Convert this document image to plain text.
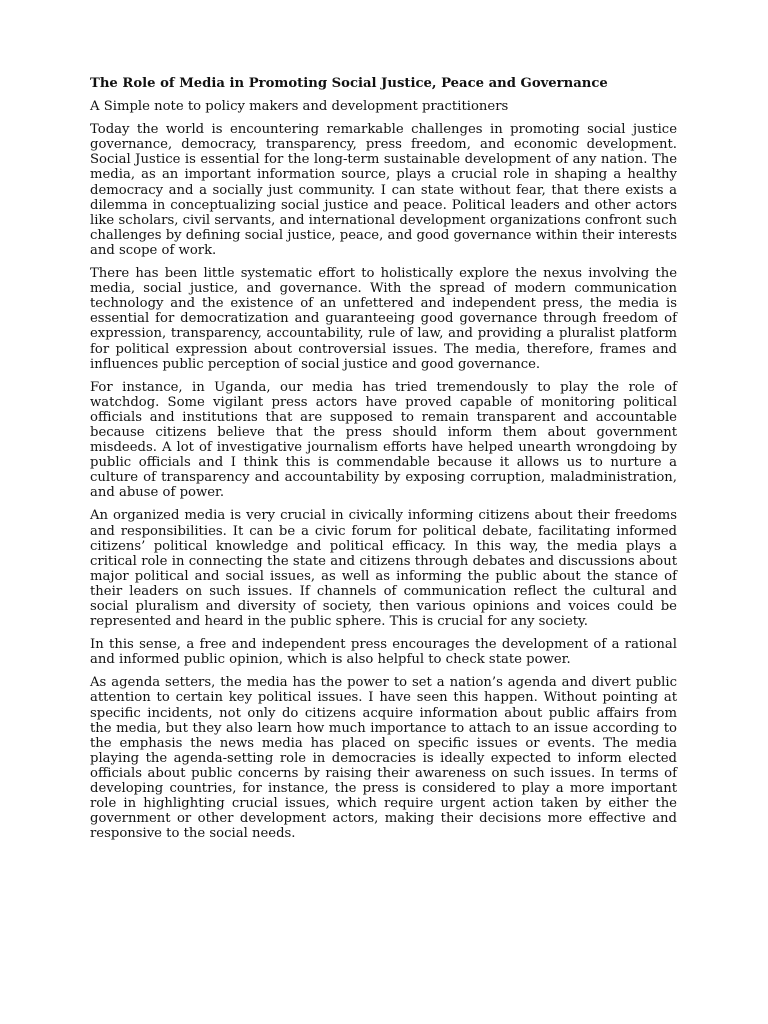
The Role of Media in Promoting Social Justice, Peace and Governance

A Simple note to policy makers and development practitioners

Today the world is encountering remarkable challenges in promoting social justice governance, democracy, transparency, press freedom, and economic development. Social Justice is essential for the long-term sustainable development of any nation. The media, as an important information source, plays a crucial role in shaping a healthy democracy and a socially just community. I can state without fear, that there exists a dilemma in conceptualizing social justice and peace. Political leaders and other actors like scholars, civil servants, and international development organizations confront such challenges by defining social justice, peace, and good governance within their interests and scope of work.

There has been little systematic effort to holistically explore the nexus involving the media, social justice, and governance. With the spread of modern communication technology and the existence of an unfettered and independent press, the media is essential for democratization and guaranteeing good governance through freedom of expression, transparency, accountability, rule of law, and providing a pluralist platform for political expression about controversial issues. The media, therefore, frames and influences public perception of social justice and good governance.

For instance, in Uganda, our media has tried tremendously to play the role of watchdog. Some vigilant press actors have proved capable of monitoring political officials and institutions that are supposed to remain transparent and accountable because citizens believe that the press should inform them about government misdeeds. A lot of investigative journalism efforts have helped unearth wrongdoing by public officials and I think this is commendable because it allows us to nurture a culture of transparency and accountability by exposing corruption, maladministration, and abuse of power.

An organized media is very crucial in civically informing citizens about their freedoms and responsibilities. It can be a civic forum for political debate, facilitating informed citizens’ political knowledge and political efficacy. In this way, the media plays a critical role in connecting the state and citizens through debates and discussions about major political and social issues, as well as informing the public about the stance of their leaders on such issues. If channels of communication reflect the cultural and social pluralism and diversity of society, then various opinions and voices could be represented and heard in the public sphere. This is crucial for any society.

In this sense, a free and independent press encourages the development of a rational and informed public opinion, which is also helpful to check state power.

As agenda setters, the media has the power to set a nation’s agenda and divert public attention to certain key political issues. I have seen this happen. Without pointing at specific incidents, not only do citizens acquire information about public affairs from the media, but they also learn how much importance to attach to an issue according to the emphasis the news media has placed on specific issues or events. The media playing the agenda-setting role in democracies is ideally expected to inform elected officials about public concerns by raising their awareness on such issues. In terms of developing countries, for instance, the press is considered to play a more important role in highlighting crucial issues, which require urgent action taken by either the government or other development actors, making their decisions more effective and responsive to the social needs.
